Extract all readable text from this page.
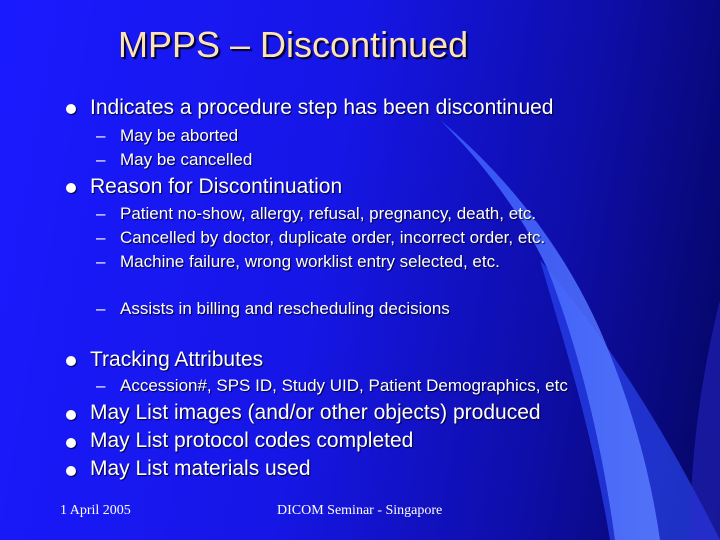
MPPS – Discontinued
Indicates a procedure step has been discontinued
– May be aborted
– May be cancelled
Reason for Discontinuation
– Patient no-show, allergy, refusal, pregnancy, death, etc.
– Cancelled by doctor, duplicate order, incorrect order, etc.
– Machine failure, wrong worklist entry selected, etc.
– Assists in billing and rescheduling decisions
Tracking Attributes
– Accession#, SPS ID, Study UID, Patient Demographics, etc
May List images (and/or other objects) produced
May List protocol codes completed
May List materials used
1 April 2005	DICOM Seminar - Singapore
